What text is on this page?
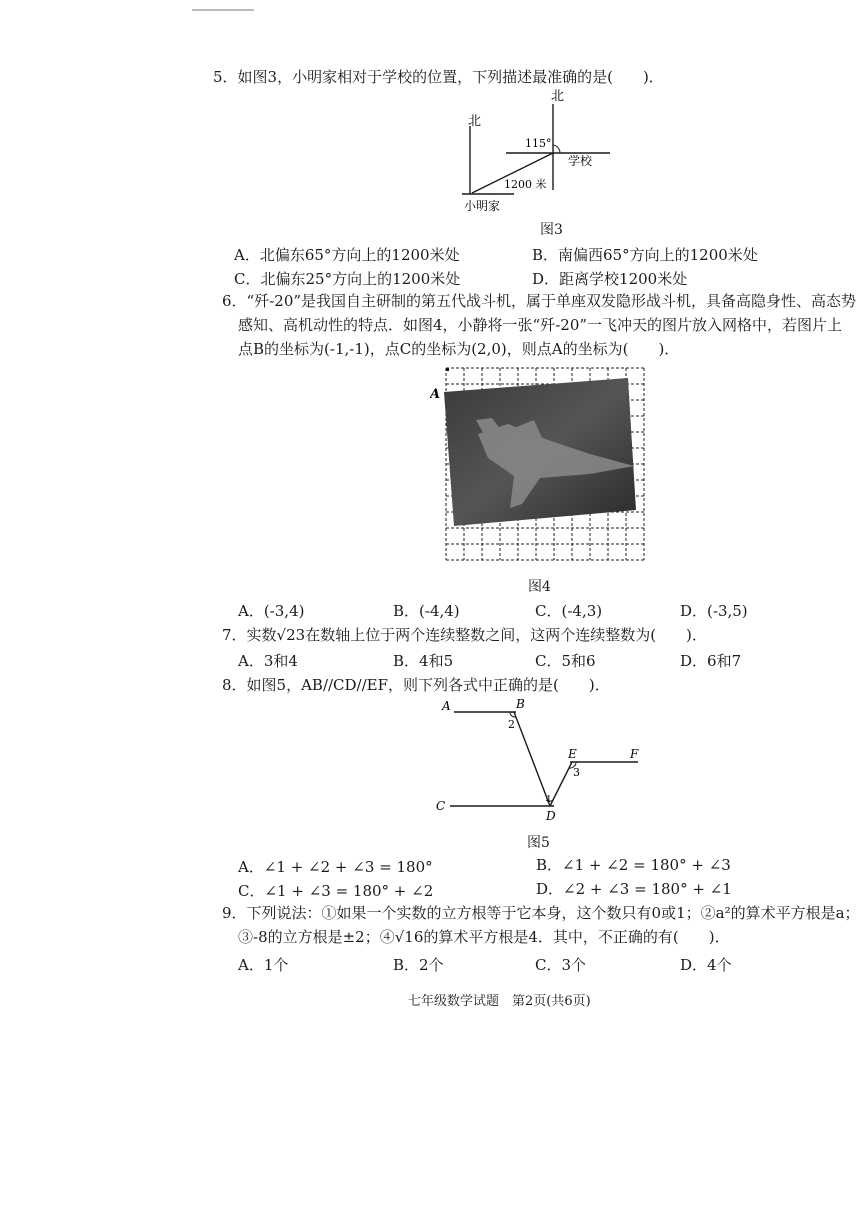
5．如图3，小明家相对于学校的位置，下列描述最准确的是(　　)．
北
北
115°
学校
1200 米
小明家
图3
A．北偏东65°方向上的1200米处	B．南偏西65°方向上的1200米处
C．北偏东25°方向上的1200米处	D．距离学校1200米处
6．“歼-20”是我国自主研制的第五代战斗机，属于单座双发隐形战斗机，具备高隐身性、高态势
感知、高机动性的特点．如图4，小静将一张“歼-20”一飞冲天的图片放入网格中，若图片上
点B的坐标为(-1,-1)，点C的坐标为(2,0)，则点A的坐标为(　　)．
A
图4
A．(-3,4)	B．(-4,4)	C．(-4,3)	D．(-3,5)
7．实数√23在数轴上位于两个连续整数之间，这两个连续整数为(　　)．
A．3和4	B．4和5	C．5和6	D．6和7
8．如图5，AB//CD//EF，则下列各式中正确的是(　　)．
A	B
C
D
E	F
2
3
1
图5
A．∠1 + ∠2 + ∠3 = 180°	B．∠1 + ∠2 = 180° + ∠3
C．∠1 + ∠3 = 180° + ∠2	D．∠2 + ∠3 = 180° + ∠1
9．下列说法：①如果一个实数的立方根等于它本身，这个数只有0或1；②a²的算术平方根是a；
③-8的立方根是±2；④√16的算术平方根是4．其中，不正确的有(　　)．
A．1个	B．2个	C．3个	D．4个
七年级数学试题　第2页(共6页)
